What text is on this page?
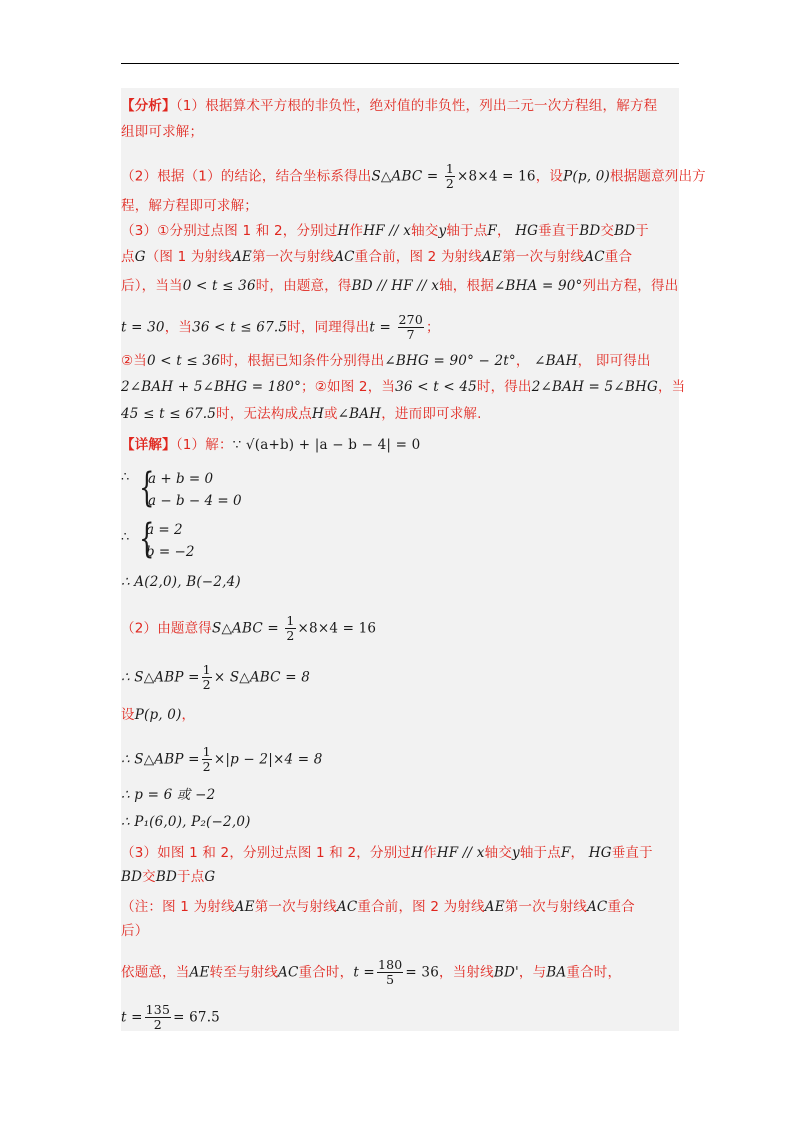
【分析】（1）根据算术平方根的非负性，绝对值的非负性，列出二元一次方程组，解方程
组即可求解；
（2）根据（1）的结论，结合坐标系得出S△ABC = $\frac{1}{2} \times 8\times 4 = 16$，设P(p, 0)根据题意列出方
程，解方程即可求解；
（3）①分别过点图 1 和 2，分别过H作HF // x轴交y轴于点F， HG垂直于BD交BD于
点G（图 1 为射线AE第一次与射线AC重合前，图 2 为射线AE第一次与射线AC重合
后），当当0 < t ≤ 36时，由题意，得BD // HF // x轴，根据∠BHA = 90°列出方程，得出
t = 30，当36 < t ≤ 67.5时，同理得出$t = \frac{270}{7}$ ；
②当0 < t ≤ 36时，根据已知条件分别得出∠BHG = 90° − 2t°， ∠BAH， 即可得出
2∠BAH + 5∠BHG = 180°；②如图 2，当36 < t < 45时，得出2∠BAH = 5∠BHG，当
45 ≤ t ≤ 67.5时，无法构成点H或∠BAH，进而即可求解.
【详解】（1）解：∵ √(a+b) + |a − b − 4| = 0
∴ {
a + b = 0
a − b − 4 = 0
∴ {
a = 2
b = −2
∴ A(2,0), B(−2,4)
（2）由题意得S△ABC = $\frac{1}{2} \times 8\times 4 = 16$
∴ S△ABP = $\frac{1}{2}$ × S△ABC = 8
设P(p, 0)，
∴ S△ABP = $\frac{1}{2} \times|p - 2|\times 4 = 8$
∴ p = 6 或 −2
∴ P₁(6,0), P₂(−2,0)
（3）如图 1 和 2，分别过点图 1 和 2，分别过H作HF // x轴交y轴于点F， HG垂直于
BD交BD于点G
（注：图 1 为射线AE第一次与射线AC重合前，图 2 为射线AE第一次与射线AC重合
后）
依题意，当AE转至与射线AC重合时，$t = \frac{180}{5} = 36$，当射线BD'，与BA重合时，
$t = \frac{135}{2} = 67.5$
